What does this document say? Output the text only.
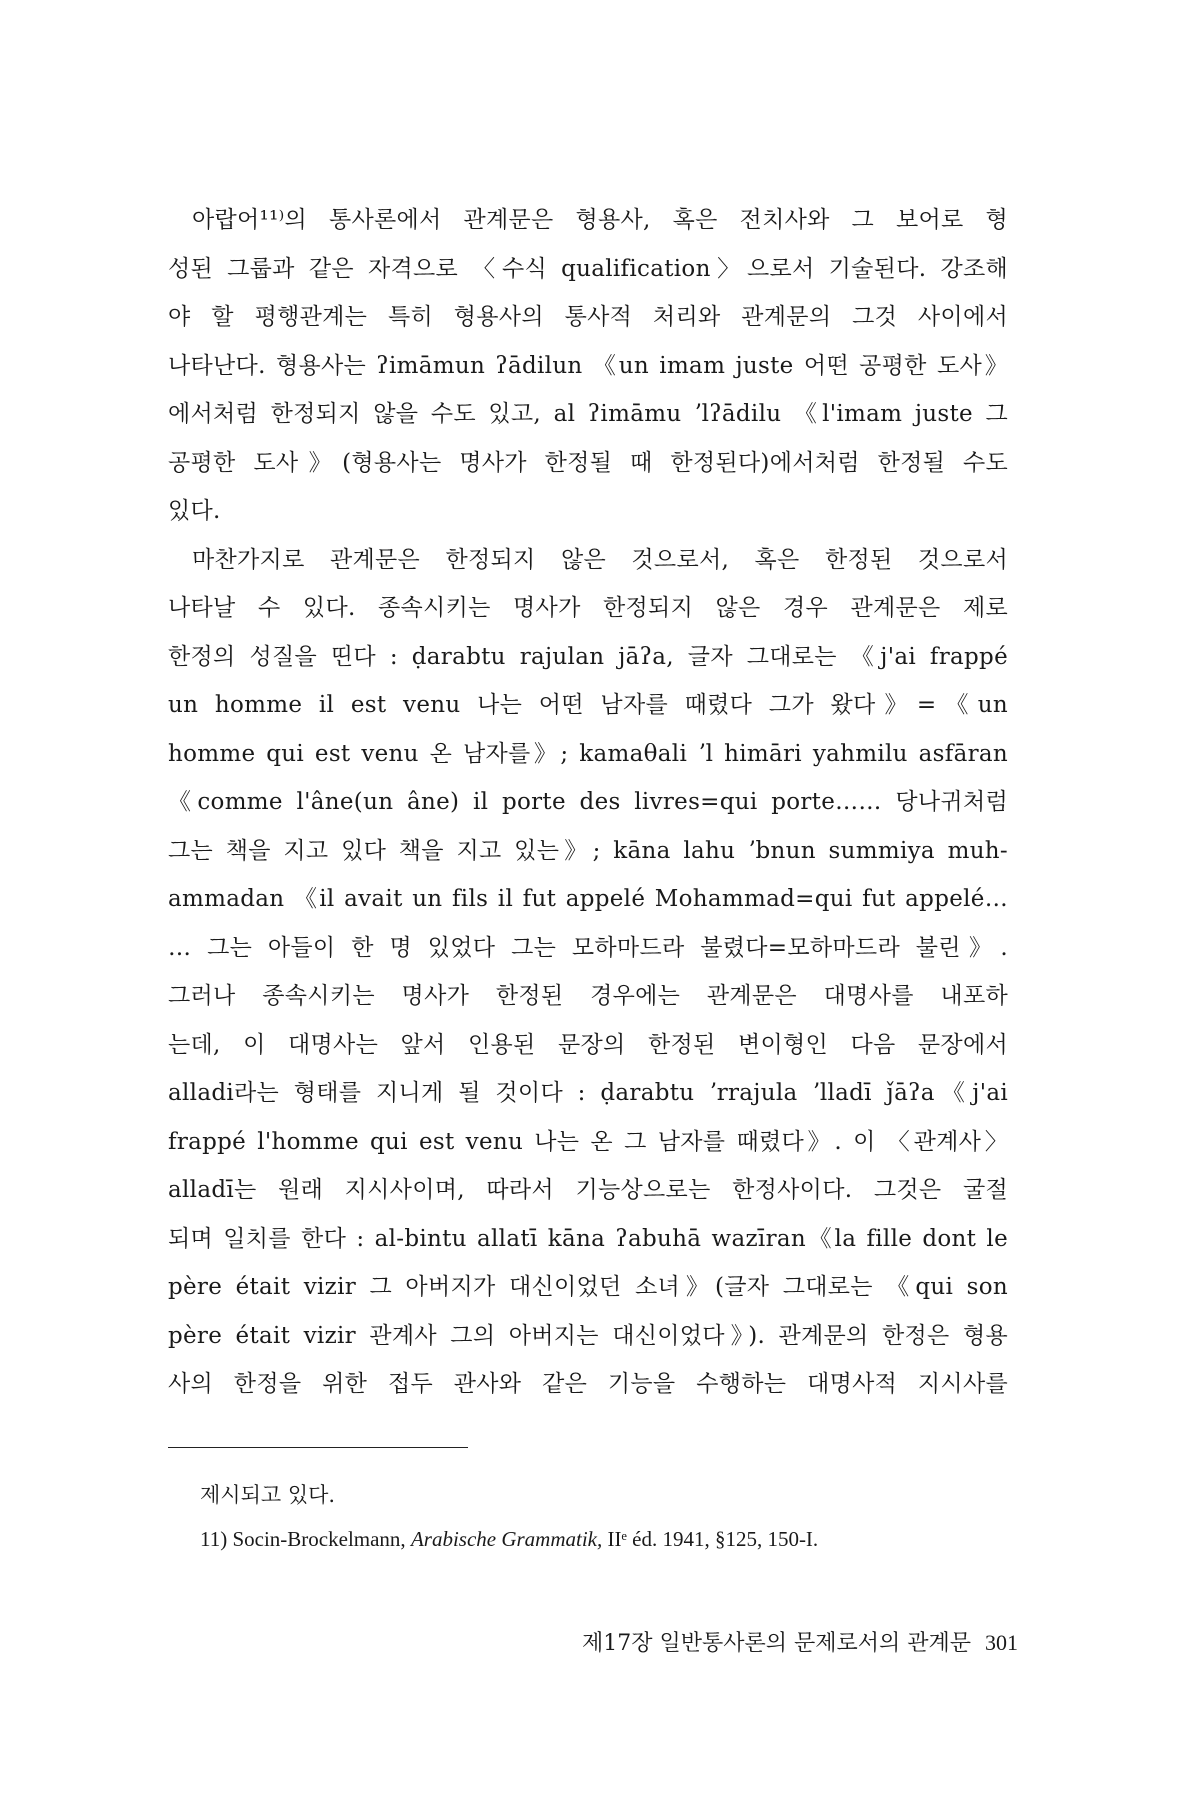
아랍어¹¹⁾의 통사론에서 관계문은 형용사, 혹은 전치사와 그 보어로 형
성된 그룹과 같은 자격으로 〈수식 qualification〉으로서 기술된다. 강조해
야 할 평행관계는 특히 형용사의 통사적 처리와 관계문의 그것 사이에서
나타난다. 형용사는 ʔimāmun ʔādilun 《un imam juste 어떤 공평한 도사》
에서처럼 한정되지 않을 수도 있고, al ʔimāmu ʼlʔādilu 《l'imam juste 그
공평한 도사》(형용사는 명사가 한정될 때 한정된다)에서처럼 한정될 수도
있다.
마찬가지로 관계문은 한정되지 않은 것으로서, 혹은 한정된 것으로서
나타날 수 있다. 종속시키는 명사가 한정되지 않은 경우 관계문은 제로
한정의 성질을 띤다 : ḍarabtu rajulan jāʔa, 글자 그대로는 《j'ai frappé
un homme il est venu 나는 어떤 남자를 때렸다 그가 왔다》=《un
homme qui est venu 온 남자를》; kamaθali ʼl himāri yahmilu asfāran
《comme l'âne(un âne) il porte des livres=qui porte…… 당나귀처럼
그는 책을 지고 있다 책을 지고 있는》; kāna lahu ʼbnun summiya muh-
ammadan 《il avait un fils il fut appelé Mohammad=qui fut appelé…
… 그는 아들이 한 명 있었다 그는 모하마드라 불렸다=모하마드라 불린》.
그러나 종속시키는 명사가 한정된 경우에는 관계문은 대명사를 내포하
는데, 이 대명사는 앞서 인용된 문장의 한정된 변이형인 다음 문장에서
alladi라는 형태를 지니게 될 것이다 : ḍarabtu ʼrrajula ʼlladī ǰāʔa《j'ai
frappé l'homme qui est venu 나는 온 그 남자를 때렸다》. 이 〈관계사〉
alladī는 원래 지시사이며, 따라서 기능상으로는 한정사이다. 그것은 굴절
되며 일치를 한다 : al-bintu allatī kāna ʔabuhā wazīran《la fille dont le
père était vizir 그 아버지가 대신이었던 소녀》(글자 그대로는 《qui son
père était vizir 관계사 그의 아버지는 대신이었다》). 관계문의 한정은 형용
사의 한정을 위한 접두 관사와 같은 기능을 수행하는 대명사적 지시사를
제시되고 있다.
11) Socin-Brockelmann, Arabische Grammatik, IIᵉ éd. 1941, §125, 150-I.
제17장 일반통사론의 문제로서의 관계문 301
